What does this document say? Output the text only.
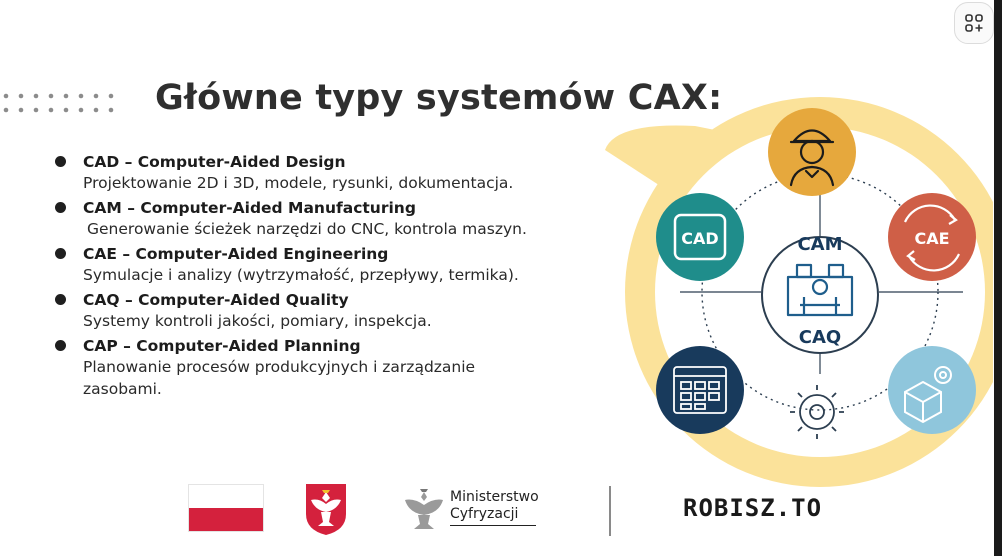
Główne typy systemów CAX:
CAD – Computer-Aided Design
Projektowanie 2D i 3D, modele, rysunki, dokumentacja.
CAM – Computer-Aided Manufacturing
Generowanie ścieżek narzędzi do CNC, kontrola maszyn.
CAE – Computer-Aided Engineering
Symulacje i analizy (wytrzymałość, przepływy, termika).
CAQ – Computer-Aided Quality
Systemy kontroli jakości, pomiary, inspekcja.
CAP – Computer-Aided Planning
Planowanie procesów produkcyjnych i zarządzanie zasobami.
CAM
CAQ
CAD	CAE
Ministerstwo
Cyfryzacji	ROBISZ.TO
